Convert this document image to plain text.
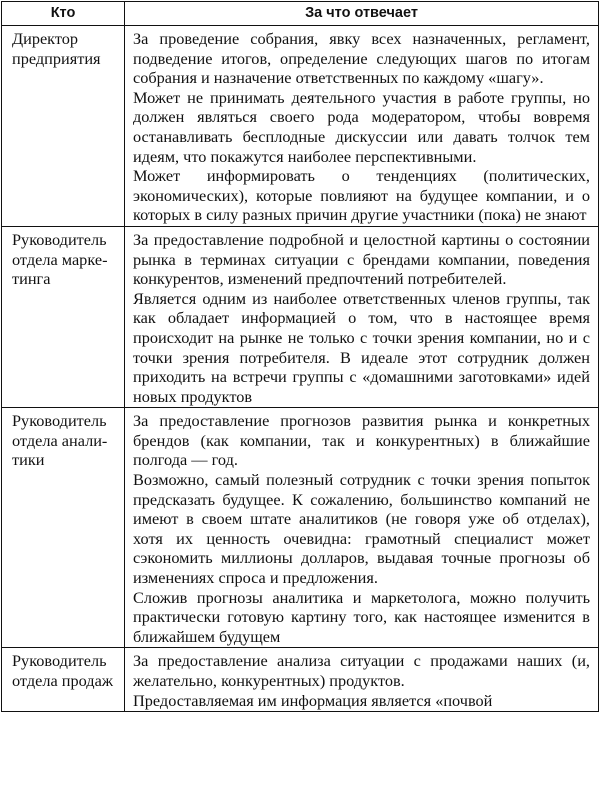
Кто	За что отвечает
Директор предприятия	За проведение собрания, явку всех назначенных, регламент, подведение итогов, определение следующих шагов по итогам собрания и назначение ответственных по каждому «шагу».

Может не принимать деятельного участия в работе группы, но должен являться своего рода модератором, чтобы вовремя останавливать бесплодные дискуссии или давать толчок тем идеям, что покажутся наиболее перспективными.

Может информировать о тенденциях (политических, экономических), которые повлияют на будущее компании, и о которых в силу разных причин другие участники (пока) не знают

Руководитель отдела маркетинга	За предоставление подробной и целостной картины о состоянии рынка в терминах ситуации с брендами компании, поведения конкурентов, изменений предпочтений потребителей.

Является одним из наиболее ответственных членов группы, так как обладает информацией о том, что в настоящее время происходит на рынке не только с точки зрения компании, но и с точки зрения потребителя. В идеале этот сотрудник должен приходить на встречи группы с «домашними заготовками» идей новых продуктов

Руководитель отдела аналитики	За предоставление прогнозов развития рынка и конкретных брендов (как компании, так и конкурентных) в ближайшие полгода — год.

Возможно, самый полезный сотрудник с точки зрения попыток предсказать будущее. К сожалению, большинство компаний не имеют в своем штате аналитиков (не говоря уже об отделах), хотя их ценность очевидна: грамотный специалист может сэкономить миллионы долларов, выдавая точные прогнозы об изменениях спроса и предложения.

Сложив прогнозы аналитика и маркетолога, можно получить практически готовую картину того, как настоящее изменится в ближайшем будущем

Руководитель отдела продаж	За предоставление анализа ситуации с продажами наших (и, желательно, конкурентных) продуктов.

Предоставляемая им информация является «почвой
